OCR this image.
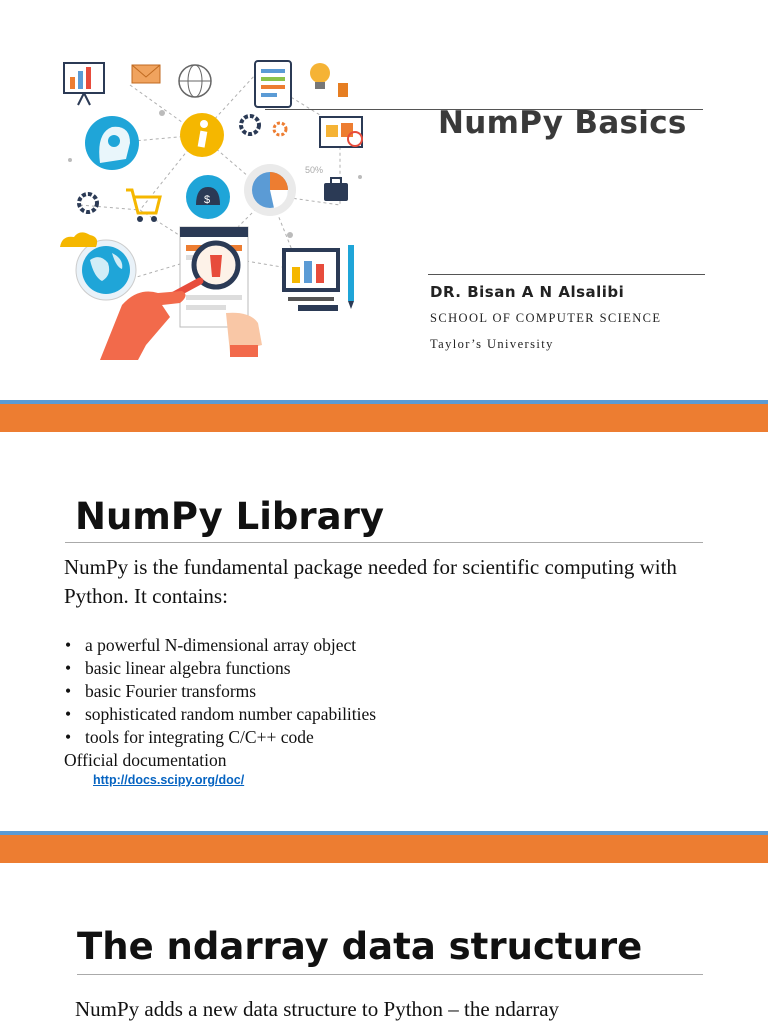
50%
$
NumPy Basics
DR. Bisan A N Alsalibi
SCHOOL OF COMPUTER SCIENCE
Taylor’s University
NumPy Library
NumPy is the fundamental package needed for scientific computing with Python. It contains:
• a powerful N-dimensional array object
• basic linear algebra functions
• basic Fourier transforms
• sophisticated random number capabilities
• tools for integrating C/C++ code
Official documentation
http://docs.scipy.org/doc/
The ndarray data structure
NumPy adds a new data structure to Python – the ndarray
